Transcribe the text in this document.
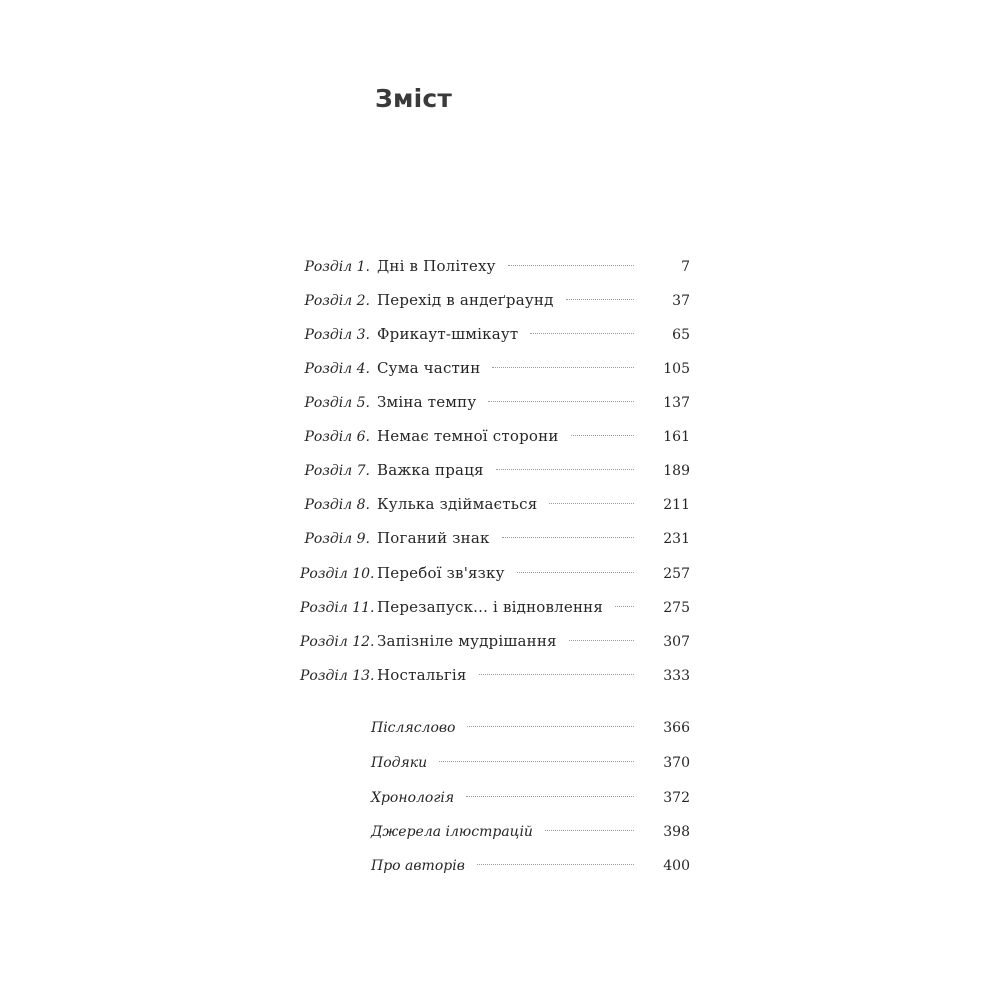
Зміст
Розділ 1. Дні в Політеху	7
Розділ 2. Перехід в андеґраунд	37
Розділ 3. Фрикаут-шмікаут	65
Розділ 4. Сума частин	105
Розділ 5. Зміна темпу	137
Розділ 6. Немає темної сторони	161
Розділ 7. Важка праця	189
Розділ 8. Кулька здіймається	211
Розділ 9. Поганий знак	231
Розділ 10. Перебої зв'язку	257
Розділ 11. Перезапуск... і відновлення	275
Розділ 12. Запізніле мудрішання	307
Розділ 13. Ностальгія	333
Післяслово	366
Подяки	370
Хронологія	372
Джерела ілюстрацій	398
Про авторів	400
